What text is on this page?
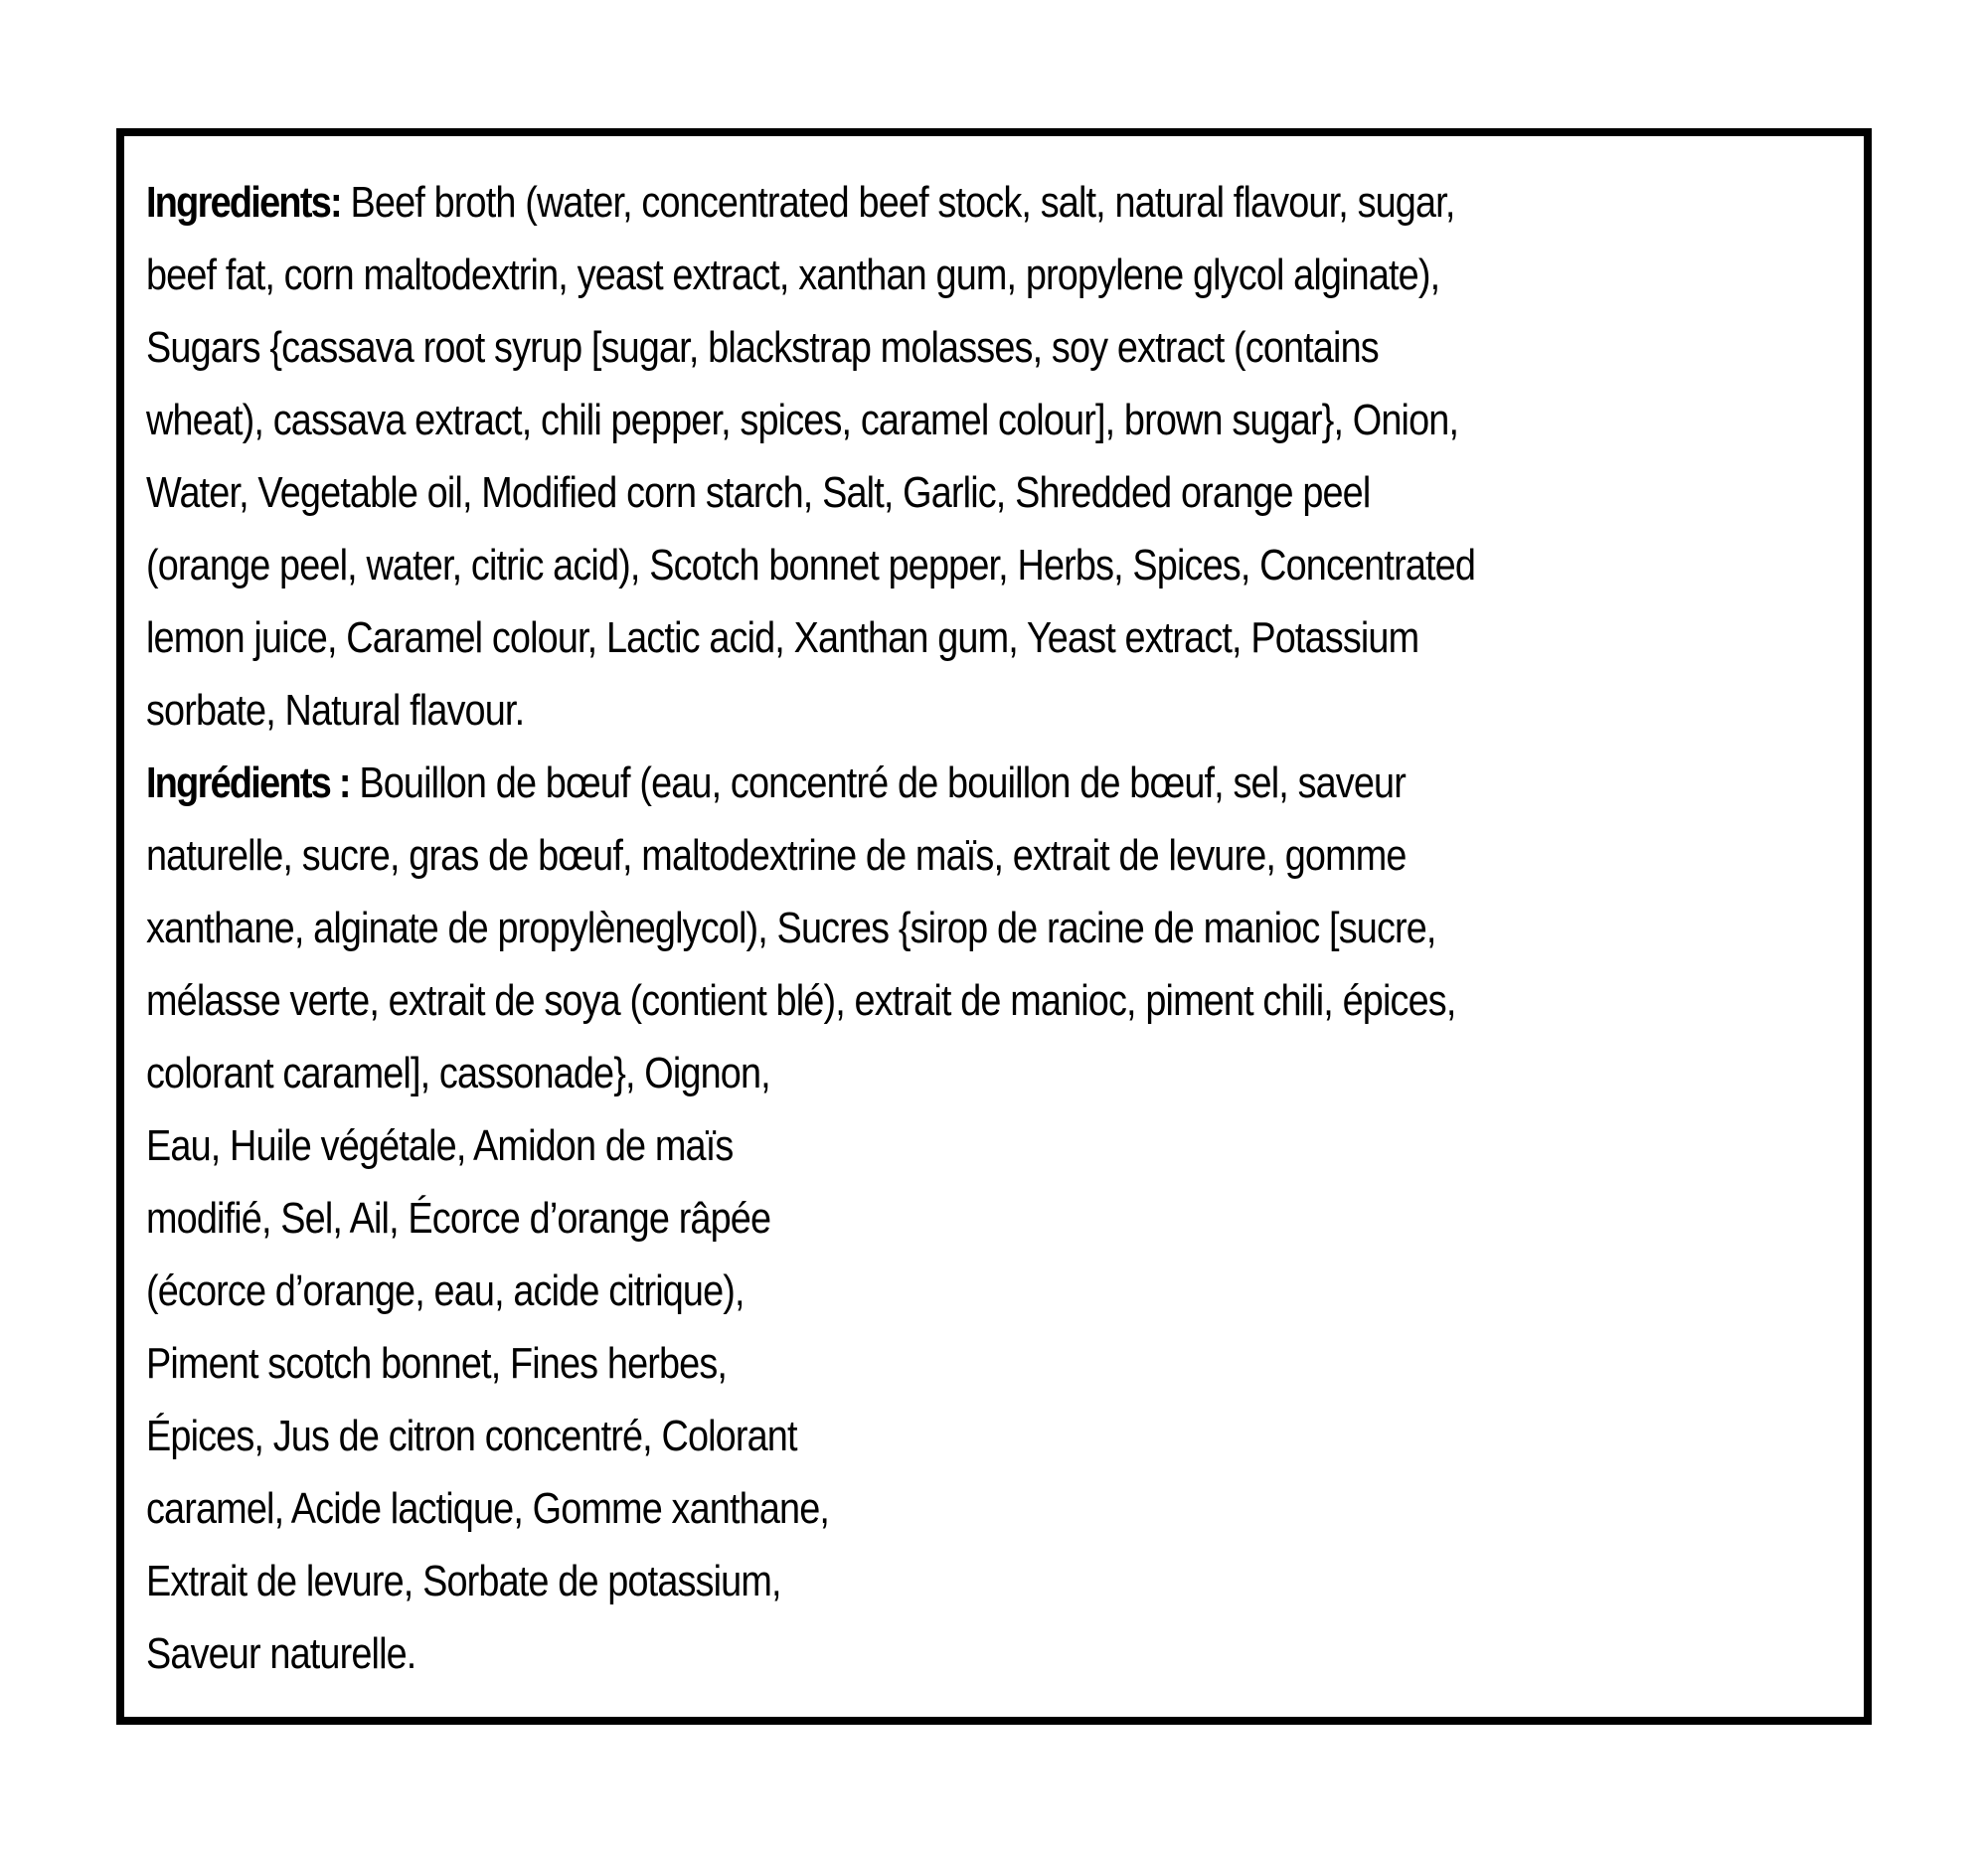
Ingredients: Beef broth (water, concentrated beef stock, salt, natural flavour, sugar,
beef fat, corn maltodextrin, yeast extract, xanthan gum, propylene glycol alginate),
Sugars {cassava root syrup [sugar, blackstrap molasses, soy extract (contains
wheat), cassava extract, chili pepper, spices, caramel colour], brown sugar}, Onion,
Water, Vegetable oil, Modified corn starch, Salt, Garlic, Shredded orange peel
(orange peel, water, citric acid), Scotch bonnet pepper, Herbs, Spices, Concentrated
lemon juice, Caramel colour, Lactic acid, Xanthan gum, Yeast extract, Potassium
sorbate, Natural flavour.
Ingrédients : Bouillon de bœuf (eau, concentré de bouillon de bœuf, sel, saveur
naturelle, sucre, gras de bœuf, maltodextrine de maïs, extrait de levure, gomme
xanthane, alginate de propylèneglycol), Sucres {sirop de racine de manioc [sucre,
mélasse verte, extrait de soya (contient blé), extrait de manioc, piment chili, épices,
colorant caramel], cassonade}, Oignon,
Eau, Huile végétale, Amidon de maïs
modifié, Sel, Ail, Écorce d’orange râpée
(écorce d’orange, eau, acide citrique),
Piment scotch bonnet, Fines herbes,
Épices, Jus de citron concentré, Colorant
caramel, Acide lactique, Gomme xanthane,
Extrait de levure, Sorbate de potassium,
Saveur naturelle.
